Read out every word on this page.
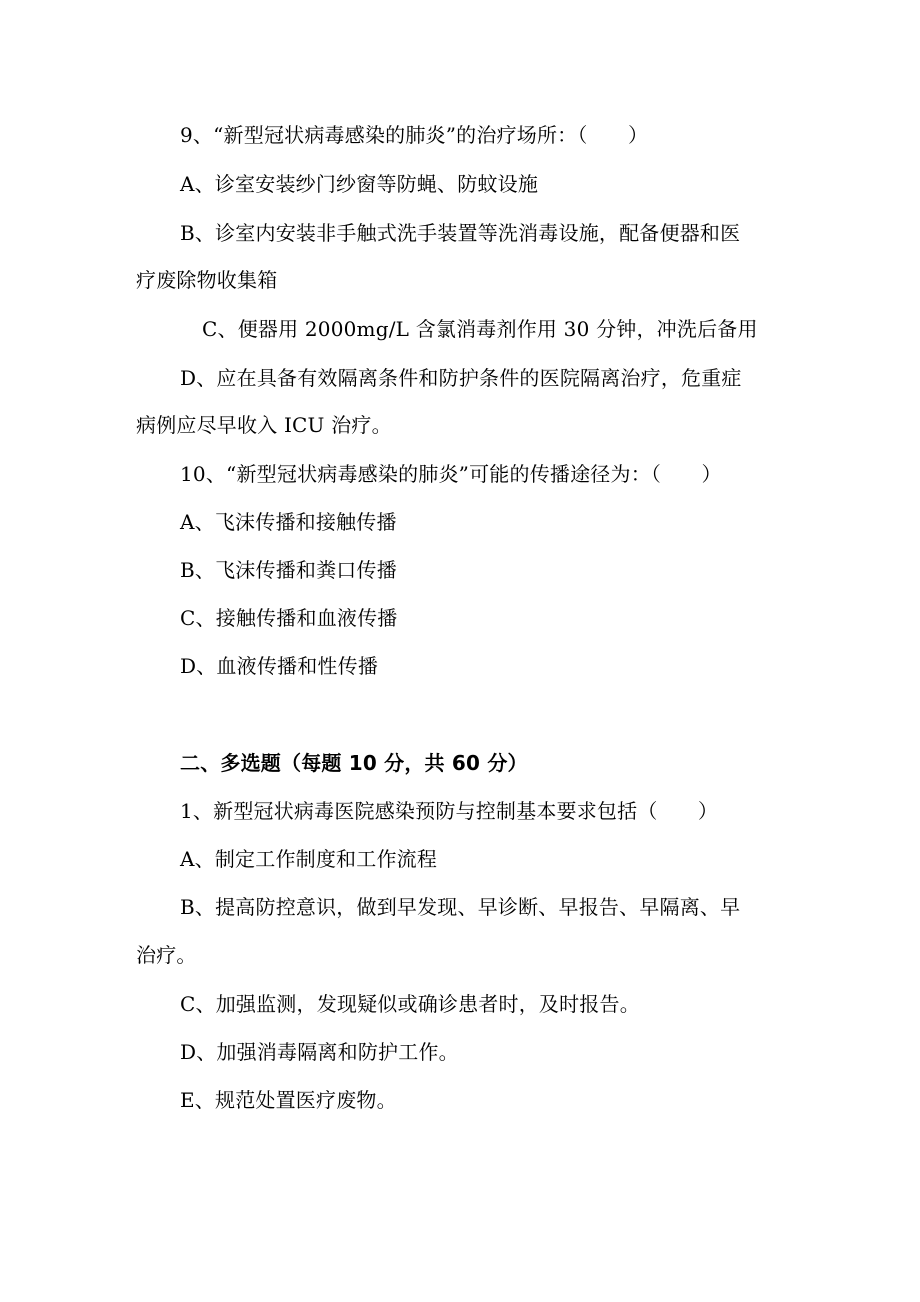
9、“新型冠状病毒感染的肺炎”的治疗场所：（　　）
A、诊室安装纱门纱窗等防蝇、防蚊设施
B、诊室内安装非手触式洗手装置等洗消毒设施，配备便器和医
疗废除物收集箱
C、便器用 2000mg/L 含氯消毒剂作用 30 分钟，冲洗后备用
D、应在具备有效隔离条件和防护条件的医院隔离治疗，危重症
病例应尽早收入 ICU 治疗。
10、“新型冠状病毒感染的肺炎”可能的传播途径为：（　　）
A、飞沫传播和接触传播
B、飞沫传播和粪口传播
C、接触传播和血液传播
D、血液传播和性传播
二、多选题（每题 10 分，共 60 分）
1、新型冠状病毒医院感染预防与控制基本要求包括（　　）
A、制定工作制度和工作流程
B、提高防控意识，做到早发现、早诊断、早报告、早隔离、早
治疗。
C、加强监测，发现疑似或确诊患者时，及时报告。
D、加强消毒隔离和防护工作。
E、规范处置医疗废物。
